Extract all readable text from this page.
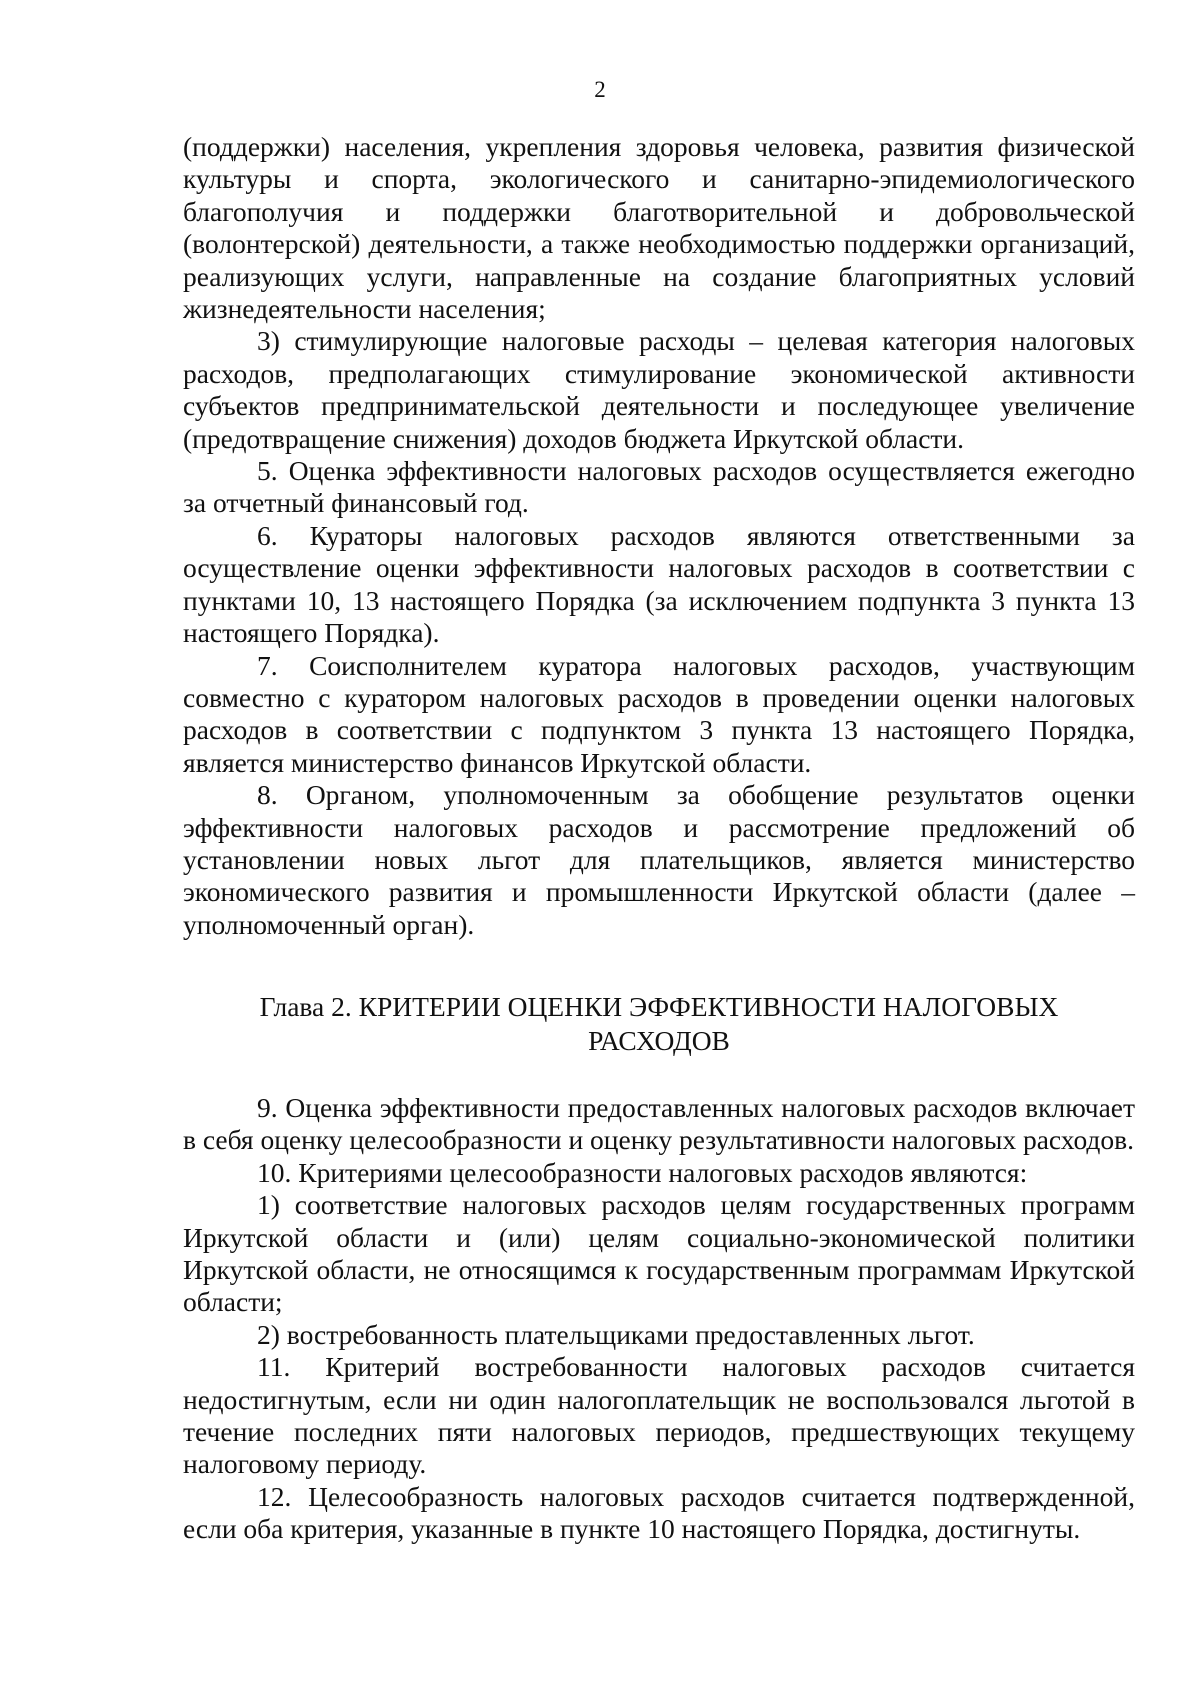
2

(поддержки) населения, укрепления здоровья человека, развития физической культуры и спорта, экологического и санитарно-эпидемиологического благополучия и поддержки благотворительной и добровольческой (волонтерской) деятельности, а также необходимостью поддержки организаций, реализующих услуги, направленные на создание благоприятных условий жизнедеятельности населения;

3) стимулирующие налоговые расходы – целевая категория налоговых расходов, предполагающих стимулирование экономической активности субъектов предпринимательской деятельности и последующее увеличение (предотвращение снижения) доходов бюджета Иркутской области.

5. Оценка эффективности налоговых расходов осуществляется ежегодно за отчетный финансовый год.

6. Кураторы налоговых расходов являются ответственными за осуществление оценки эффективности налоговых расходов в соответствии с пунктами 10, 13 настоящего Порядка (за исключением подпункта 3 пункта 13 настоящего Порядка).

7. Соисполнителем куратора налоговых расходов, участвующим совместно с куратором налоговых расходов в проведении оценки налоговых расходов в соответствии с подпунктом 3 пункта 13 настоящего Порядка, является министерство финансов Иркутской области.

8. Органом, уполномоченным за обобщение результатов оценки эффективности налоговых расходов и рассмотрение предложений об установлении новых льгот для плательщиков, является министерство экономического развития и промышленности Иркутской области (далее – уполномоченный орган).

Глава 2. КРИТЕРИИ ОЦЕНКИ ЭФФЕКТИВНОСТИ НАЛОГОВЫХ
РАСХОДОВ

9. Оценка эффективности предоставленных налоговых расходов включает в себя оценку целесообразности и оценку результативности налоговых расходов.

10. Критериями целесообразности налоговых расходов являются:

1) соответствие налоговых расходов целям государственных программ Иркутской области и (или) целям социально-экономической политики Иркутской области, не относящимся к государственным программам Иркутской области;

2) востребованность плательщиками предоставленных льгот.

11. Критерий востребованности налоговых расходов считается недостигнутым, если ни один налогоплательщик не воспользовался льготой в течение последних пяти налоговых периодов, предшествующих текущему налоговому периоду.

12. Целесообразность налоговых расходов считается подтвержденной, если оба критерия, указанные в пункте 10 настоящего Порядка, достигнуты.
